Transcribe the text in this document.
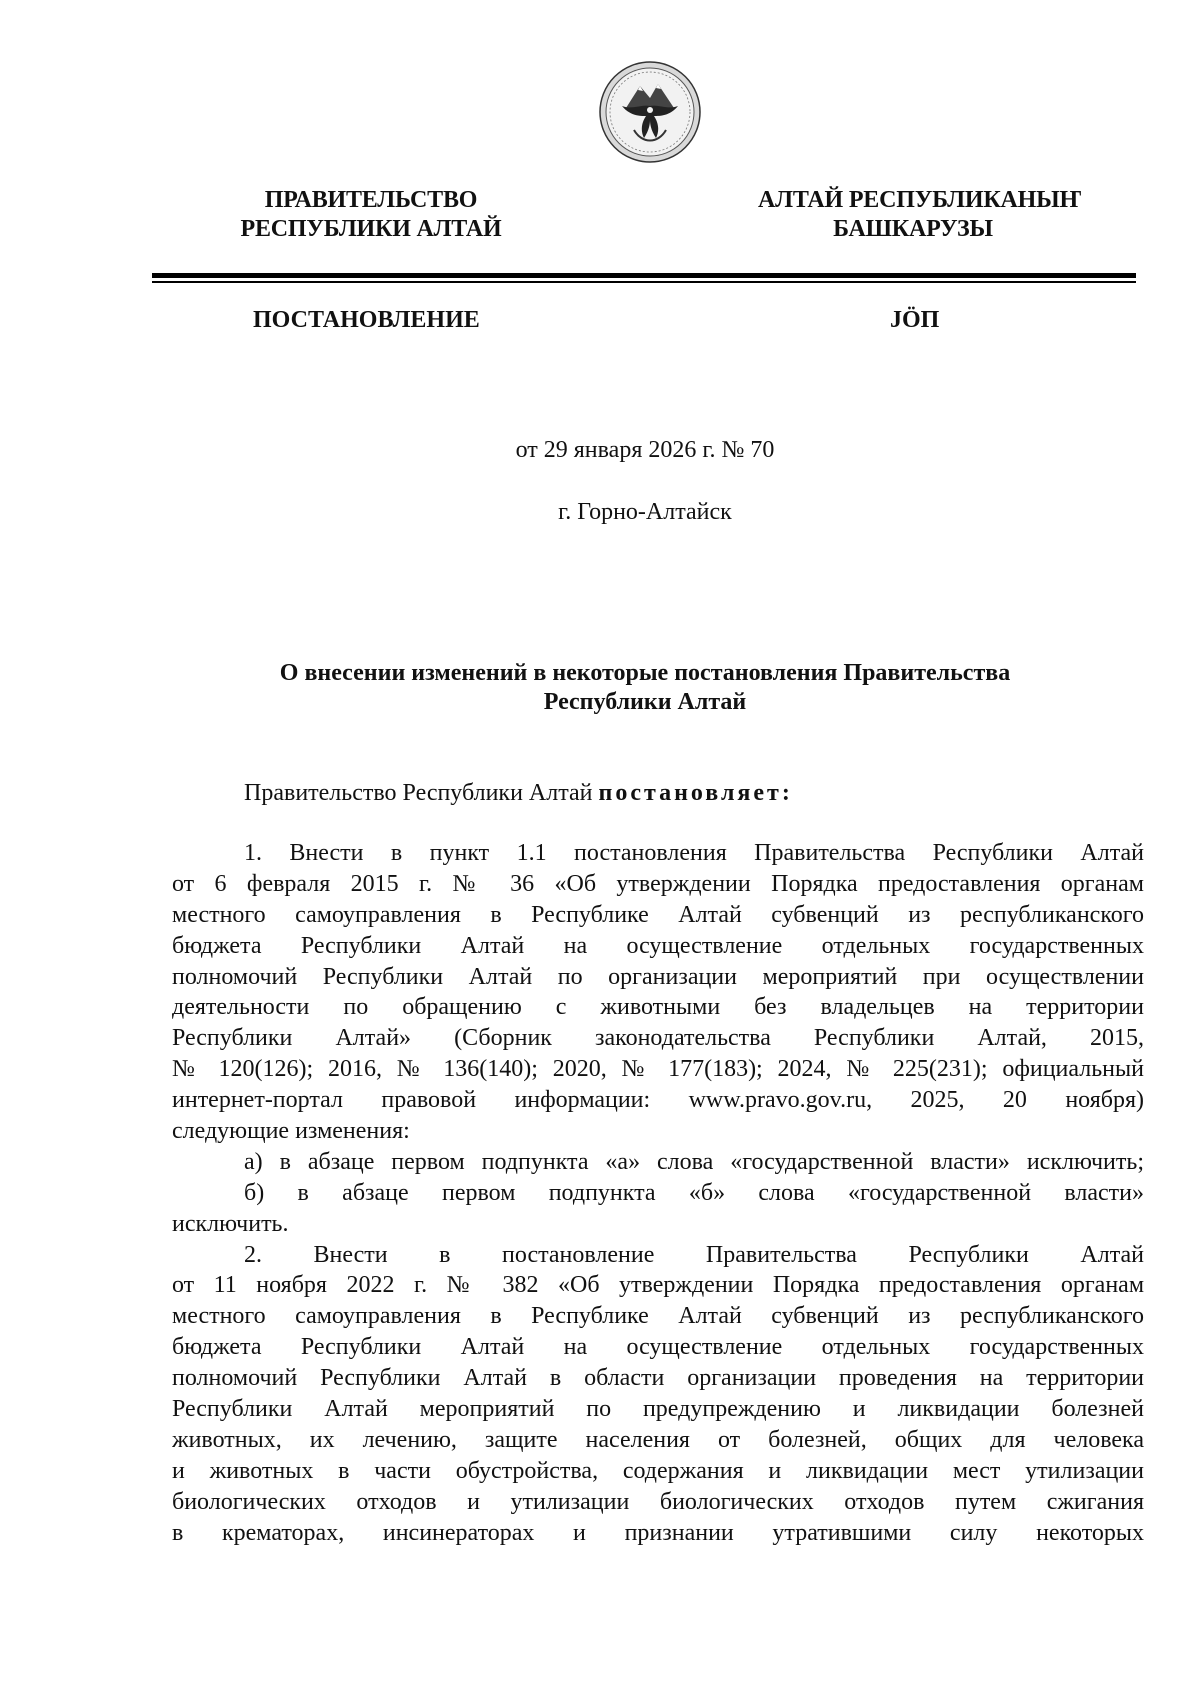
ПРАВИТЕЛЬСТВО
РЕСПУБЛИКИ АЛТАЙ
АЛТАЙ РЕСПУБЛИКАНЫҤ
БАШКАРУЗЫ
ПОСТАНОВЛЕНИЕ	JÖП
от 29 января 2026 г. № 70
г. Горно-Алтайск
О внесении изменений в некоторые постановления Правительства
Республики Алтай
Правительство Республики Алтай постановляет:
1. Внести в пункт 1.1 постановления Правительства Республики Алтай
от 6 февраля 2015 г. № 36 «Об утверждении Порядка предоставления органам
местного самоуправления в Республике Алтай субвенций из республиканского
бюджета Республики Алтай на осуществление отдельных государственных
полномочий Республики Алтай по организации мероприятий при осуществлении
деятельности по обращению с животными без владельцев на территории
Республики Алтай» (Сборник законодательства Республики Алтай, 2015,
№ 120(126); 2016, № 136(140); 2020, № 177(183); 2024, № 225(231); официальный
интернет-портал правовой информации: www.pravo.gov.ru, 2025, 20 ноября)
следующие изменения:
а) в абзаце первом подпункта «а» слова «государственной власти» исключить;
б) в абзаце первом подпункта «б» слова «государственной власти»
исключить.
2. Внести в постановление Правительства Республики Алтай
от 11 ноября 2022 г. № 382 «Об утверждении Порядка предоставления органам
местного самоуправления в Республике Алтай субвенций из республиканского
бюджета Республики Алтай на осуществление отдельных государственных
полномочий Республики Алтай в области организации проведения на территории
Республики Алтай мероприятий по предупреждению и ликвидации болезней
животных, их лечению, защите населения от болезней, общих для человека
и животных в части обустройства, содержания и ликвидации мест утилизации
биологических отходов и утилизации биологических отходов путем сжигания
в крематорах, инсинераторах и признании утратившими силу некоторых
